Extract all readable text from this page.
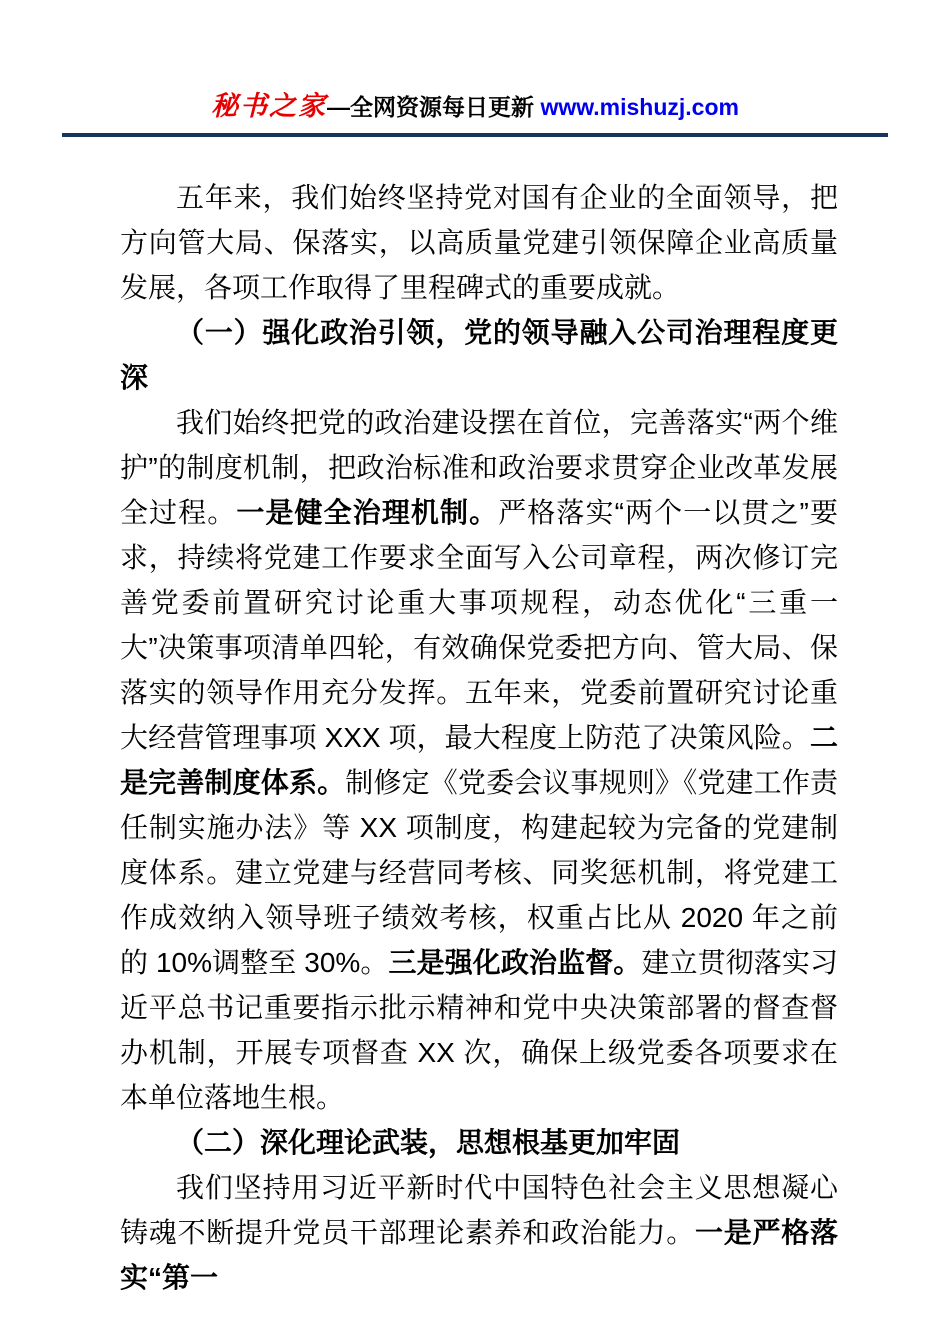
秘书之家—全网资源每日更新 www.mishuzj.com

五年来，我们始终坚持党对国有企业的全面领导，把方向管大局、保落实，以高质量党建引领保障企业高质量发展，各项工作取得了里程碑式的重要成就。

（一）强化政治引领，党的领导融入公司治理程度更深

我们始终把党的政治建设摆在首位，完善落实“两个维护”的制度机制，把政治标准和政治要求贯穿企业改革发展全过程。一是健全治理机制。严格落实“两个一以贯之”要求，持续将党建工作要求全面写入公司章程，两次修订完善党委前置研究讨论重大事项规程，动态优化“三重一大”决策事项清单四轮，有效确保党委把方向、管大局、保落实的领导作用充分发挥。五年来，党委前置研究讨论重大经营管理事项 XXX 项，最大程度上防范了决策风险。二是完善制度体系。制修定《党委会议事规则》《党建工作责任制实施办法》等 XX 项制度，构建起较为完备的党建制度体系。建立党建与经营同考核、同奖惩机制，将党建工作成效纳入领导班子绩效考核，权重占比从 2020 年之前的 10%调整至 30%。三是强化政治监督。建立贯彻落实习近平总书记重要指示批示精神和党中央决策部署的督查督办机制，开展专项督查 XX 次，确保上级党委各项要求在本单位落地生根。

（二）深化理论武装，思想根基更加牢固

我们坚持用习近平新时代中国特色社会主义思想凝心铸魂不断提升党员干部理论素养和政治能力。一是严格落实“第一
